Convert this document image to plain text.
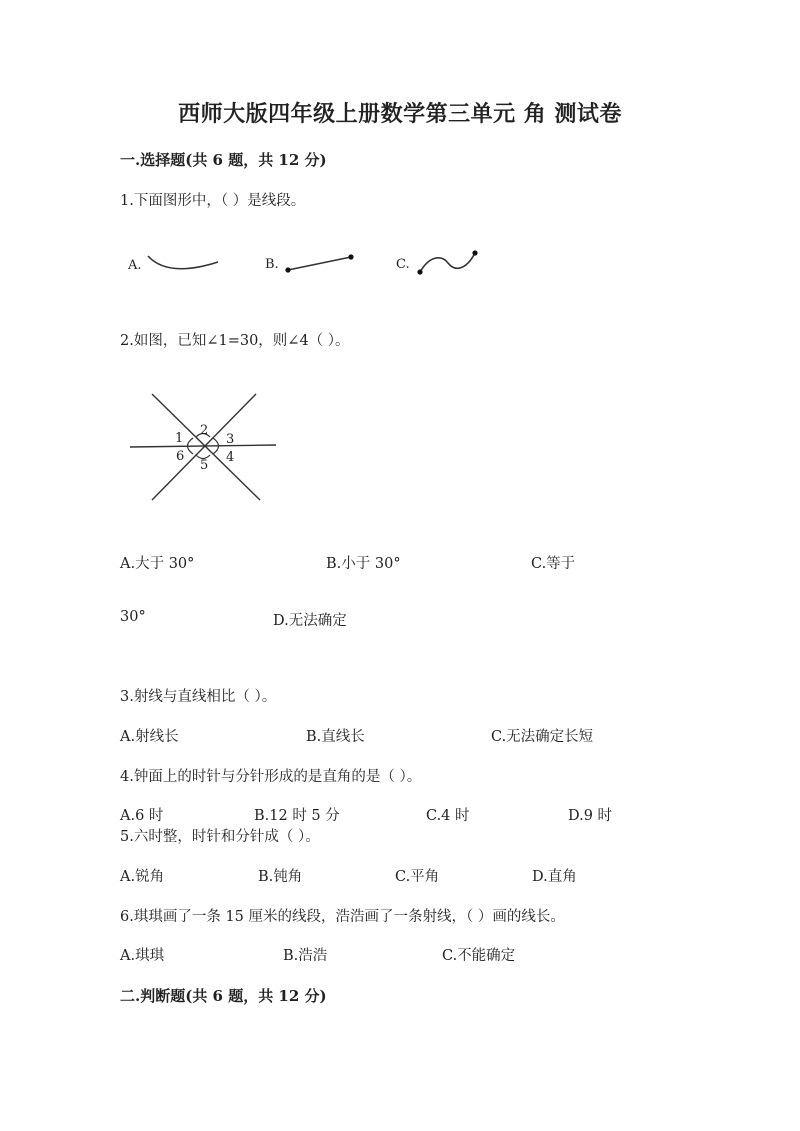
西师大版四年级上册数学第三单元 角 测试卷
一.选择题(共 6 题，共 12 分)
1.下面图形中，（ ）是线段。
A.	B.	C.
2.如图，已知∠1=30，则∠4（ ）。
1
2
3
4
5
6
A.大于 30°	B.小于 30°	C.等于
30°	D.无法确定
3.射线与直线相比（ ）。
A.射线长	B.直线长	C.无法确定长短
4.钟面上的时针与分针形成的是直角的是（ ）。
A.6 时	B.12 时 5 分	C.4 时	D.9 时
5.六时整，时针和分针成（ ）。
A.锐角	B.钝角	C.平角	D.直角
6.琪琪画了一条 15 厘米的线段，浩浩画了一条射线，（ ）画的线长。
A.琪琪	B.浩浩	C.不能确定
二.判断题(共 6 题，共 12 分)
